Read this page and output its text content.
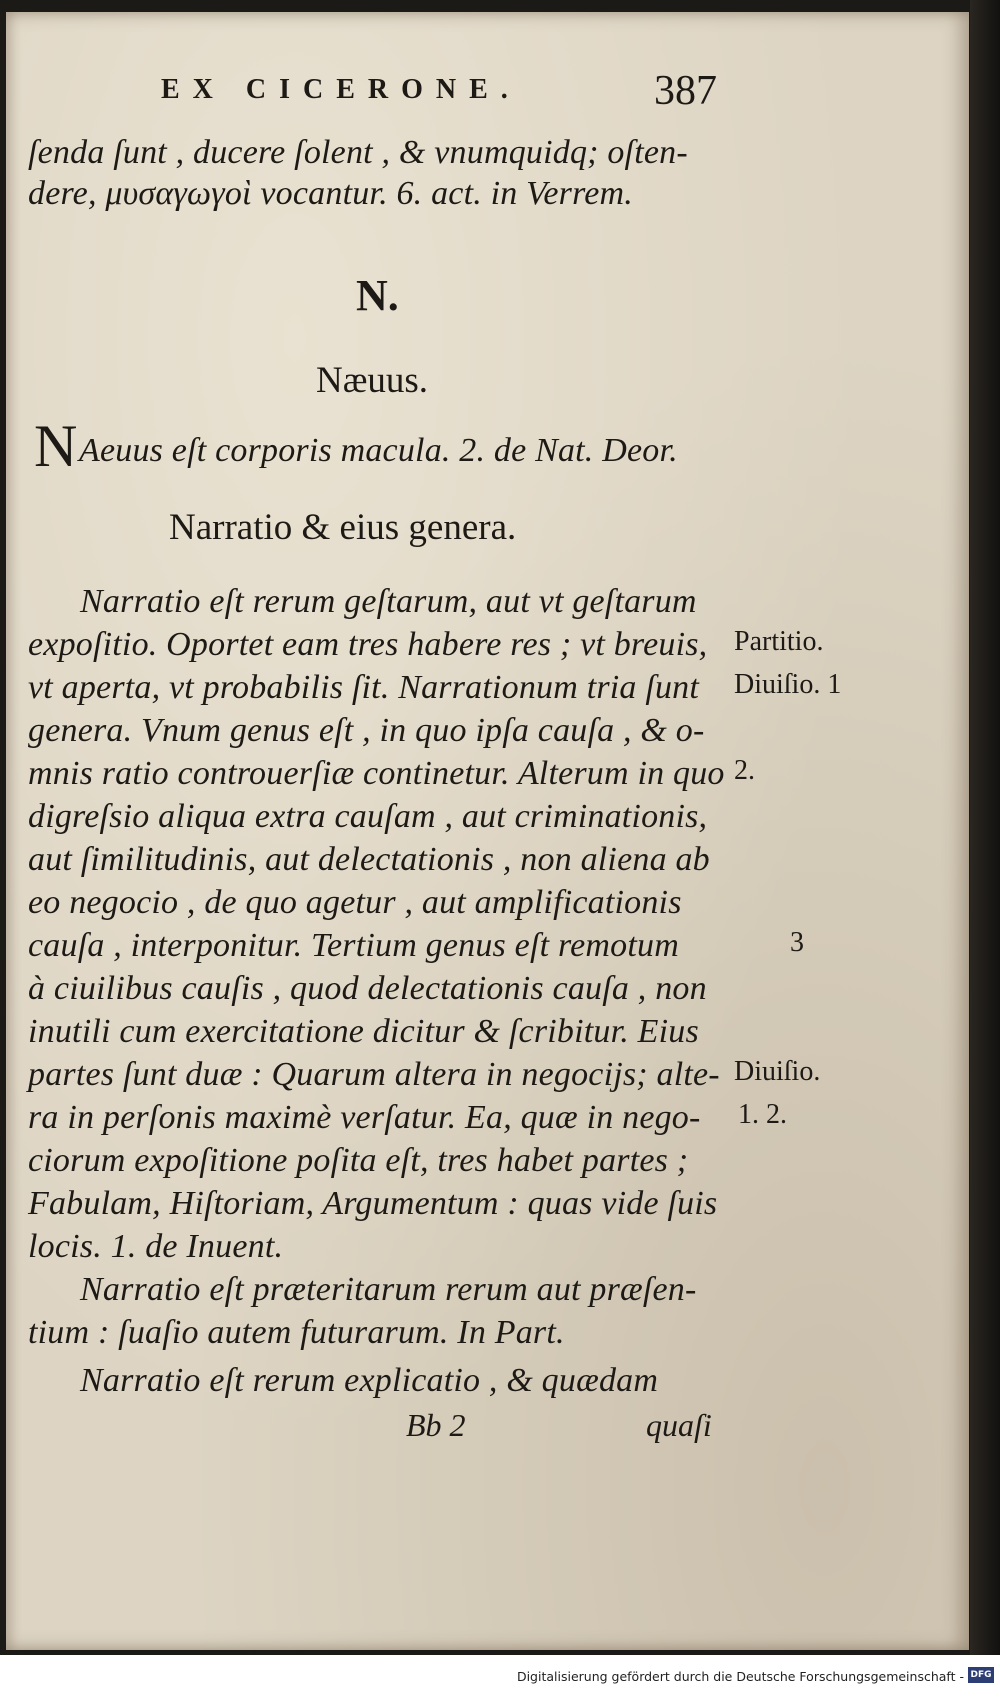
EX CICERONE.	387
ſenda ſunt , ducere ſolent , & vnumquidq; oſten-
dere, μυσαγωγοὶ vocantur. 6. act. in Verrem.
N.
Næuus.
N Aeuus eſt corporis macula. 2. de Nat. Deor.
Narratio & eius genera.
Narratio eſt rerum geſtarum, aut vt geſtarum
expoſitio. Oportet eam tres habere res ; vt breuis,
vt aperta, vt probabilis ſit. Narrationum tria ſunt
genera. Vnum genus eſt , in quo ipſa cauſa , & o-
mnis ratio controuerſiæ continetur. Alterum in quo
digreſsio aliqua extra cauſam , aut criminationis,
aut ſimilitudinis, aut delectationis , non aliena ab
eo negocio , de quo agetur , aut amplificationis
cauſa , interponitur. Tertium genus eſt remotum
à ciuilibus cauſis , quod delectationis cauſa , non
inutili cum exercitatione dicitur & ſcribitur. Eius
partes ſunt duæ : Quarum altera in negocijs; alte-
ra in perſonis maximè verſatur. Ea, quæ in nego-
ciorum expoſitione poſita eſt, tres habet partes ;
Fabulam, Hiſtoriam, Argumentum : quas vide ſuis
locis. 1. de Inuent.
Narratio eſt præteritarum rerum aut præſen-
tium : ſuaſio autem futurarum. In Part.
Narratio eſt rerum explicatio , & quædam
Partitio.
Diuiſio. 1
2.
3
Diuiſio.
1. 2.
Bb 2	quaſi
Digitalisierung gefördert durch die Deutsche Forschungsgemeinschaft - DFG
